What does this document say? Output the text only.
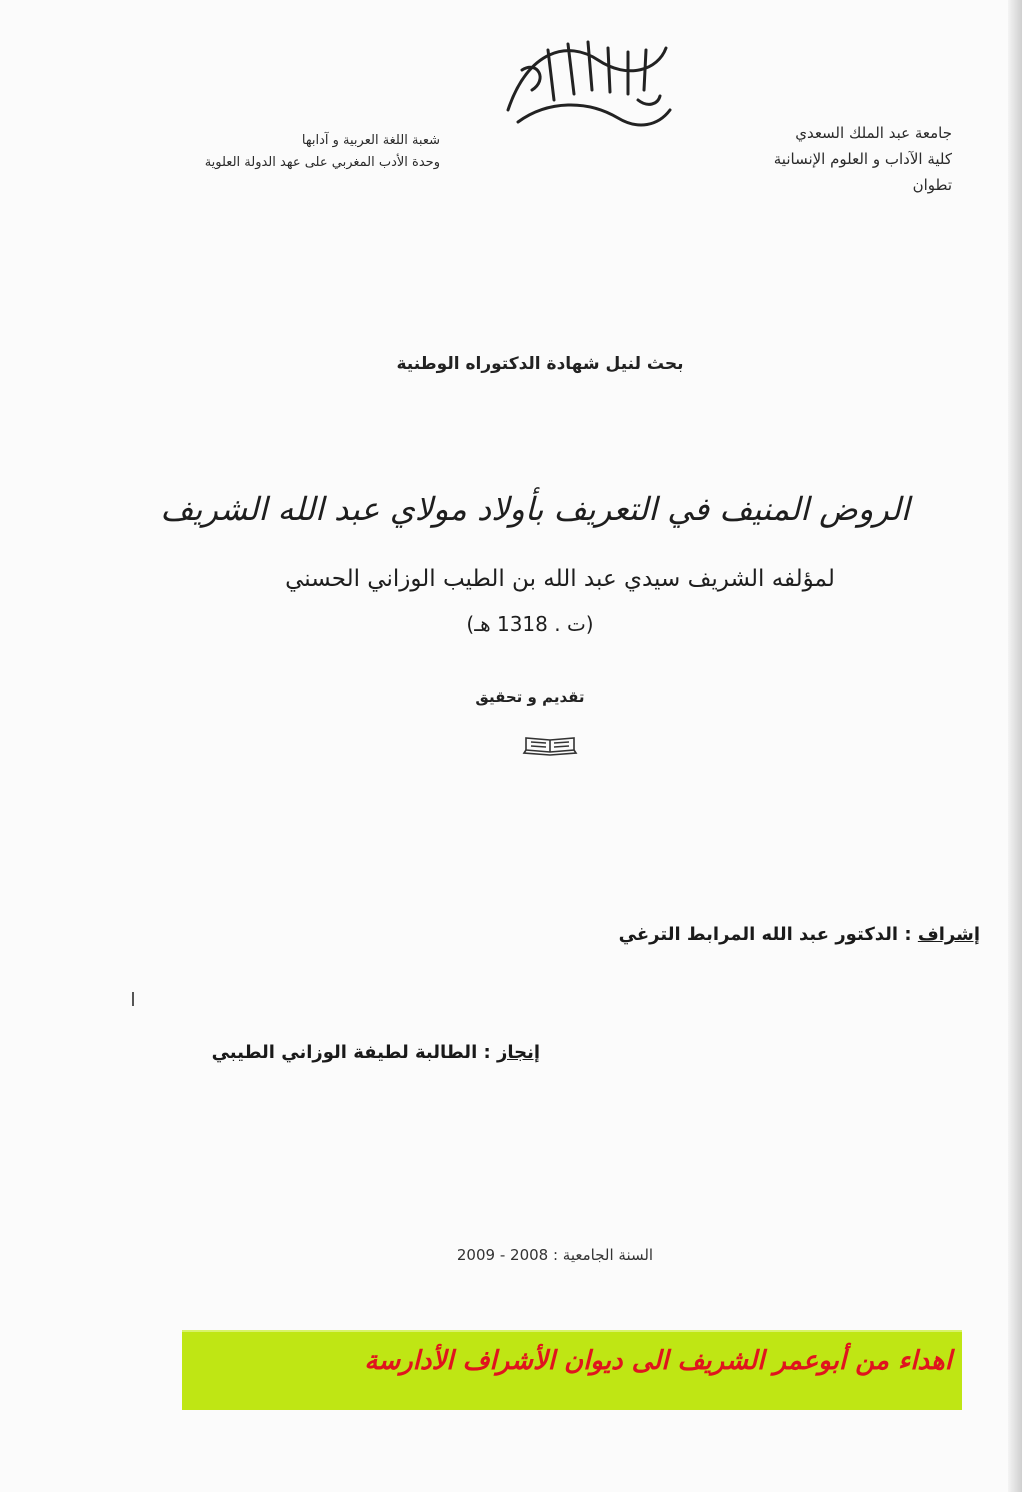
بسم الله الرحمن الرحيم	جامعة عبد الملك السعدي
كلية الآداب و العلوم الإنسانية
تطوان
شعبة اللغة العربية و آدابها
وحدة الأدب المغربي على عهد الدولة العلوية
بحث لنيل شهادة الدكتوراه الوطنية
الروض المنيف في التعريف بأولاد مولاي عبد الله الشريف
لمؤلفه الشريف سيدي عبد الله بن الطيب الوزاني الحسني
(ت . 1318 هـ)
تقديم و تحقيق
إشراف : الدكتور عبد الله المرابط الترغي
إنجاز : الطالبة لطيفة الوزاني الطيبي
السنة الجامعية : 2008 - 2009
اهداء من أبوعمر الشريف الى ديوان الأشراف الأدارسة
